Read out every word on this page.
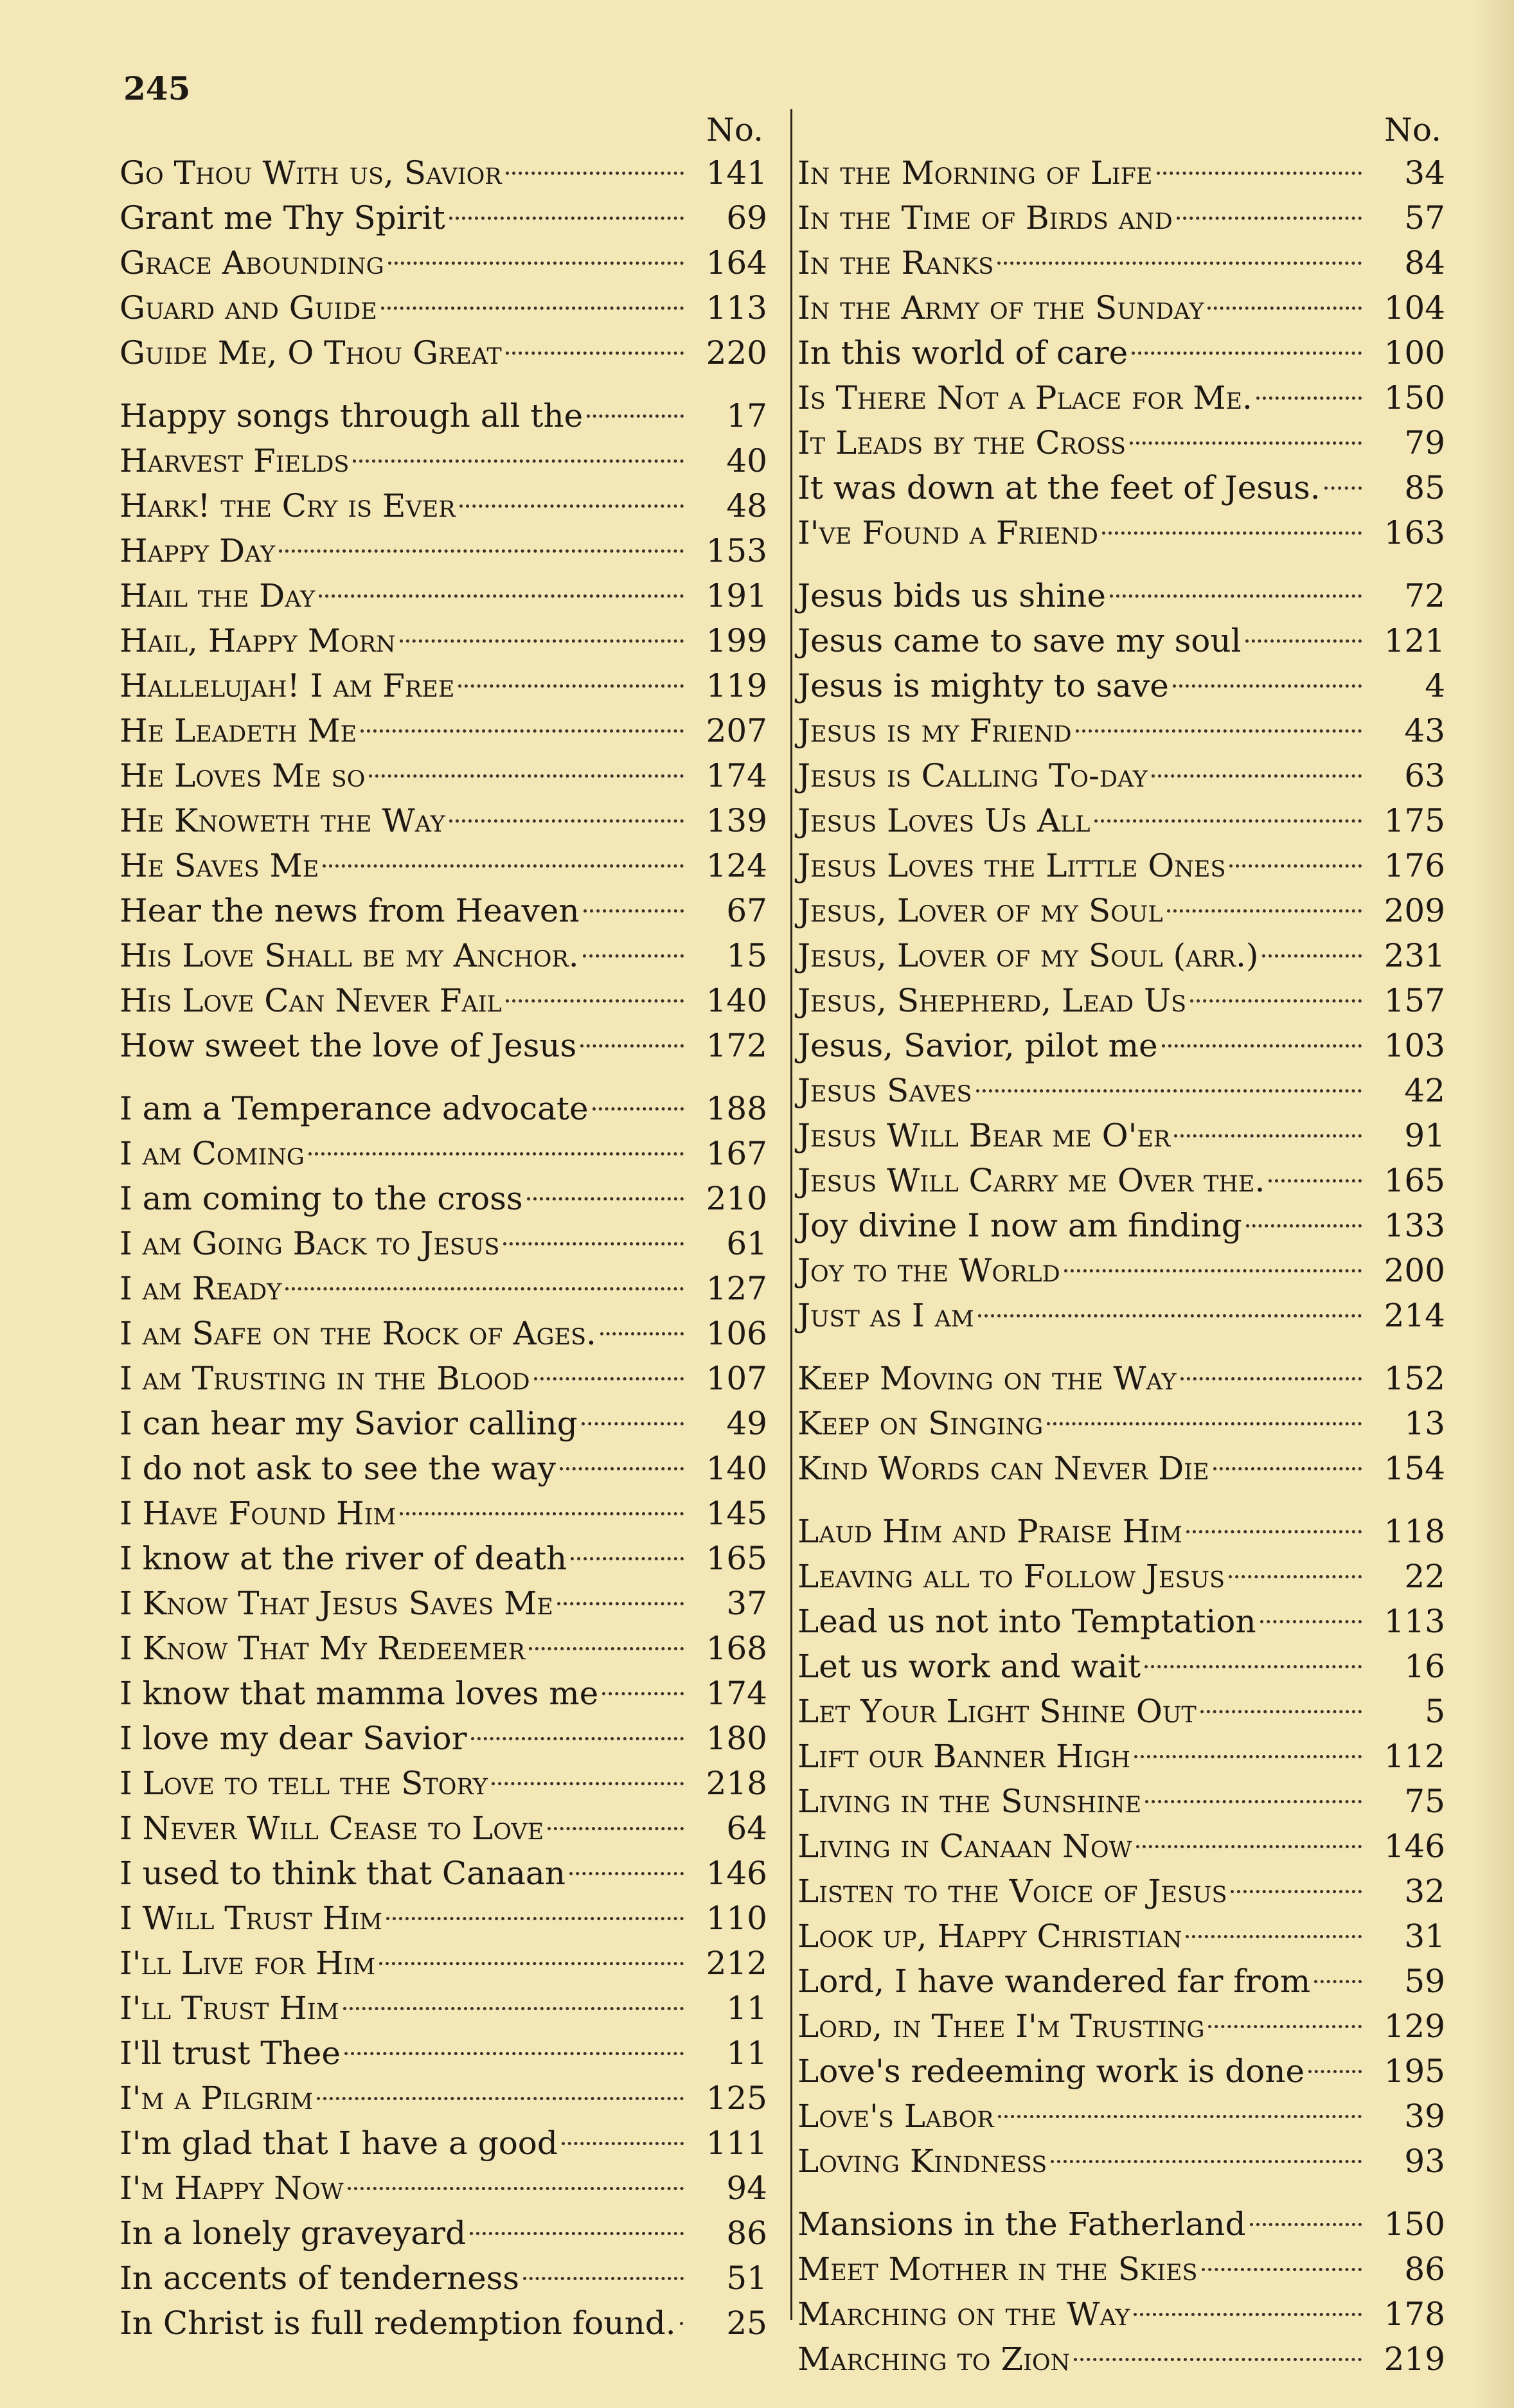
245
No.
Go Thou With us, Savior	141
Grant me Thy Spirit	69
Grace Abounding	164
Guard and Guide	113
Guide Me, O Thou Great	220
Happy songs through all the	17
Harvest Fields	40
Hark! the Cry is Ever	48
Happy Day	153
Hail the Day	191
Hail, Happy Morn	199
Hallelujah! I am Free	119
He Leadeth Me	207
He Loves Me so	174
He Knoweth the Way	139
He Saves Me	124
Hear the news from Heaven	67
His Love Shall be my Anchor.	15
His Love Can Never Fail	140
How sweet the love of Jesus	172
I am a Temperance advocate	188
I am Coming	167
I am coming to the cross	210
I am Going Back to Jesus	61
I am Ready	127
I am Safe on the Rock of Ages.	106
I am Trusting in the Blood	107
I can hear my Savior calling	49
I do not ask to see the way	140
I Have Found Him	145
I know at the river of death	165
I Know That Jesus Saves Me	37
I Know That My Redeemer	168
I know that mamma loves me	174
I love my dear Savior	180
I Love to tell the Story	218
I Never Will Cease to Love	64
I used to think that Canaan	146
I Will Trust Him	110
I'll Live for Him	212
I'll Trust Him	11
I'll trust Thee	11
I'm a Pilgrim	125
I'm glad that I have a good	111
I'm Happy Now	94
In a lonely graveyard	86
In accents of tenderness	51
In Christ is full redemption found.	25
No.
In the Morning of Life	34
In the Time of Birds and	57
In the Ranks	84
In the Army of the Sunday	104
In this world of care	100
Is There Not a Place for Me.	150
It Leads by the Cross	79
It was down at the feet of Jesus.	85
I've Found a Friend	163
Jesus bids us shine	72
Jesus came to save my soul	121
Jesus is mighty to save	4
Jesus is my Friend	43
Jesus is Calling To-day	63
Jesus Loves Us All	175
Jesus Loves the Little Ones	176
Jesus, Lover of my Soul	209
Jesus, Lover of my Soul (arr.)	231
Jesus, Shepherd, Lead Us	157
Jesus, Savior, pilot me	103
Jesus Saves	42
Jesus Will Bear me O'er	91
Jesus Will Carry me Over the.	165
Joy divine I now am finding	133
Joy to the World	200
Just as I am	214
Keep Moving on the Way	152
Keep on Singing	13
Kind Words can Never Die	154
Laud Him and Praise Him	118
Leaving all to Follow Jesus	22
Lead us not into Temptation	113
Let us work and wait	16
Let Your Light Shine Out	5
Lift our Banner High	112
Living in the Sunshine	75
Living in Canaan Now	146
Listen to the Voice of Jesus	32
Look up, Happy Christian	31
Lord, I have wandered far from	59
Lord, in Thee I'm Trusting	129
Love's redeeming work is done	195
Love's Labor	39
Loving Kindness	93
Mansions in the Fatherland	150
Meet Mother in the Skies	86
Marching on the Way	178
Marching to Zion	219
